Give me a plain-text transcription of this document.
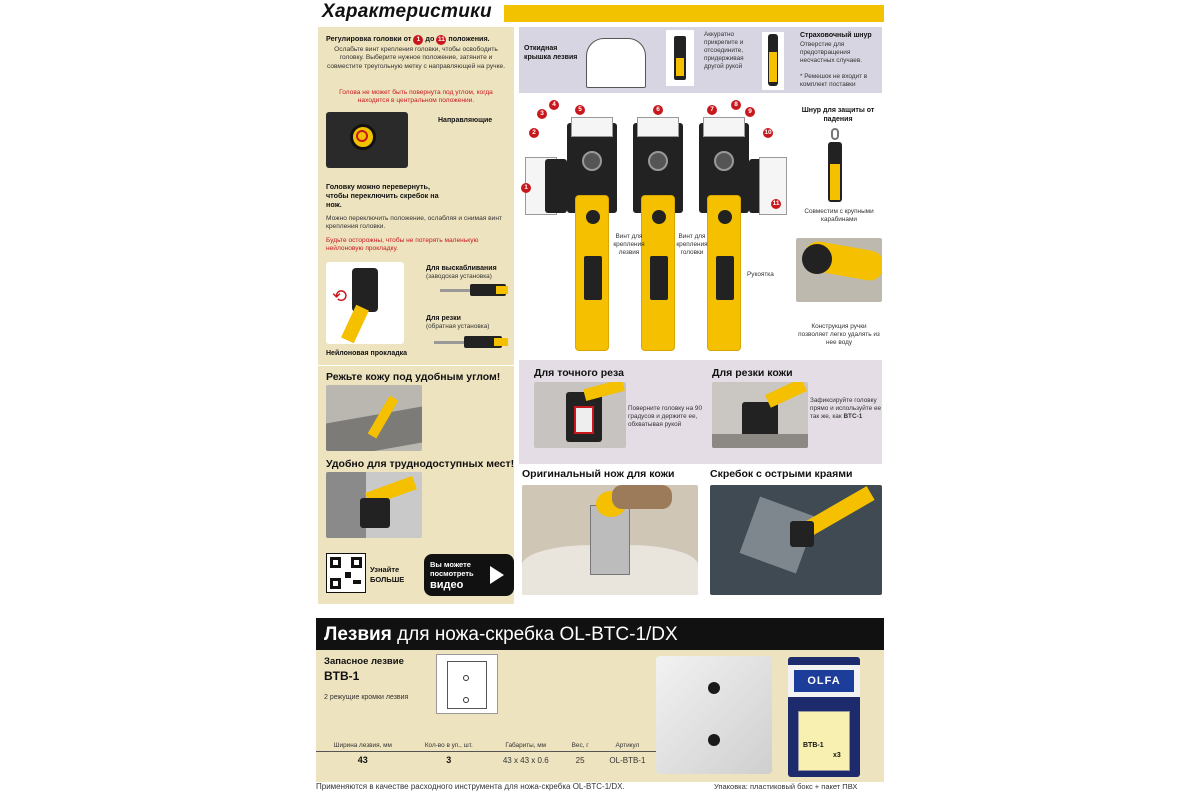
Характеристики
Регулировка головки от 1 до 11 положения.
Ослабьте винт крепления головки, чтобы освободить головку. Выберите нужное положение, затяните и совместите треугольную метку с направляющей на ручке.
Голова не может быть повернута под углом, когда находится в центральном положении.
Направляющие
Головку можно перевернуть, чтобы переключить скребок на нож.
Можно переключить положение, ослабляя и снимая винт крепления головки.
Будьте осторожны, чтобы не потерять маленькую нейлоновую прокладку.
⟲
Для выскабливания
(заводская установка)
Для резки
(обратная установка)
Нейлоновая прокладка
Режьте кожу под удобным углом!
Удобно для труднодоступных мест!
Узнайте
БОЛЬШЕ
Вы можете
посмотреть
видео
Откидная крышка лезвия
Аккуратно прикрепите и отсоедините, придерживая другой рукой
Страховочный шнур
Отверстие для предотвращения несчастных случаев.
* Ремешок не входит в комплект поставки
1
2
3
4
5	6	7
8
9
10
11
Винт для крепления лезвия
Винт для крепления головки
Рукоятка
Шнур для защиты от падения
Совместим с крупными карабинами
Конструкция ручки позволяет легко удалять из нее воду
Для точного реза
Поверните головку на 90 градусов и держите ее, обхватывая рукой
Для резки кожи
Зафиксируйте головку прямо и используйте ее так же, как BTC-1
Оригинальный нож для кожи	Скребок с острыми краями
Лезвия для ножа-скребка OL-BTC-1/DX
Запасное лезвие
BTB-1
2 режущие кромки лезвия
Ширина лезвия, мм	Кол-во в уп., шт.	Габариты, мм	Вес, г	Артикул
43	3	43 x 43 x 0.6	25	OL-BTB-1
OLFA
BTB-1
x3
Применяются в качестве расходного инструмента для ножа-скребка OL-BTC-1/DX.	Упаковка: пластиковый бокс + пакет ПВХ
